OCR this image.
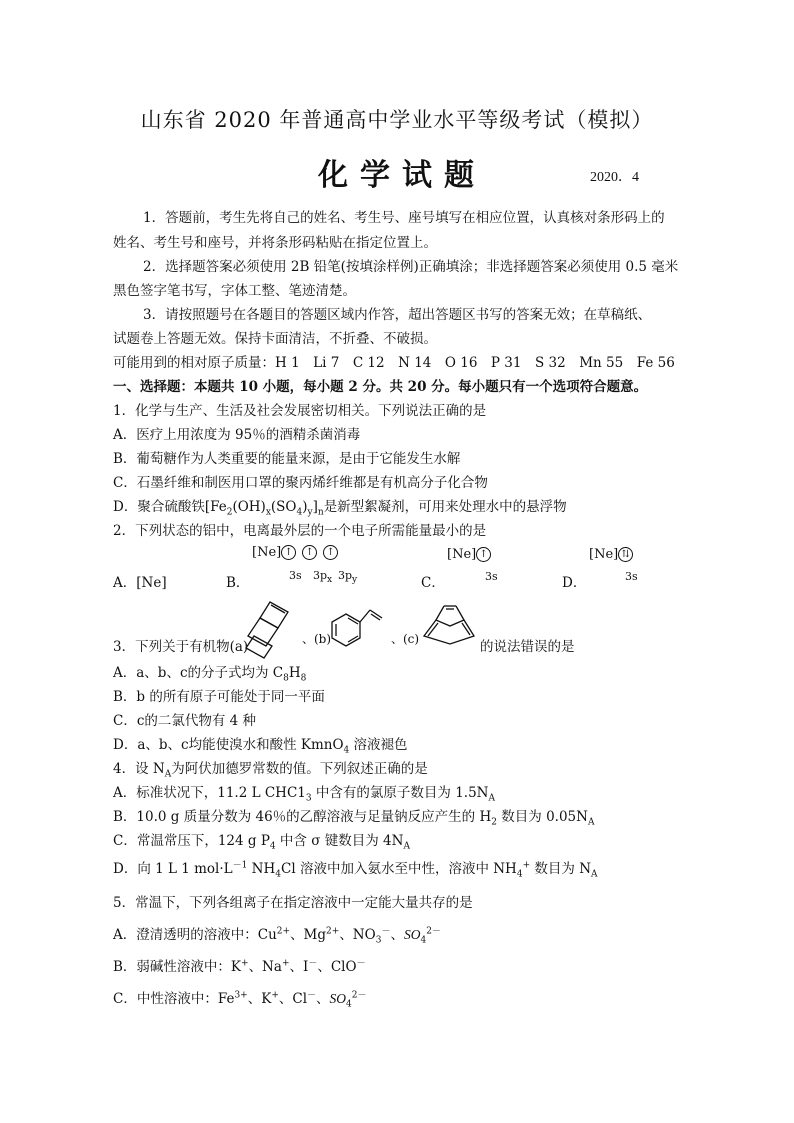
山东省 2020 年普通高中学业水平等级考试（模拟）
化学试题	2020．4
1．答题前，考生先将自己的姓名、考生号、座号填写在相应位置，认真核对条形码上的
姓名、考生号和座号，并将条形码粘贴在指定位置上。
2．选择题答案必须使用 2B 铅笔(按填涂样例)正确填涂；非选择题答案必须使用 0.5 毫米
黑色签字笔书写，字体工整、笔迹清楚。
3．请按照题号在各题目的答题区域内作答，超出答题区书写的答案无效；在草稿纸、
试题卷上答题无效。保持卡面清洁，不折叠、不破损。
可能用到的相对原子质量：H 1　Li 7　C 12　N 14　O 16　P 31　S 32　Mn 55　Fe 56
一、选择题：本题共 10 小题，每小题 2 分。共 20 分。每小题只有一个选项符合题意。
1．化学与生产、生活及社会发展密切相关。下列说法正确的是
A．医疗上用浓度为 95％的酒精杀菌消毒
B．葡萄糖作为人类重要的能量来源，是由于它能发生水解
C．石墨纤维和制医用口罩的聚丙烯纤维都是有机高分子化合物
D．聚合硫酸铁$[Fe_2(OH)_x(SO_4)_y]_n$是新型絮凝剂，可用来处理水中的悬浮物
2．下列状态的铝中，电离最外层的一个电子所需能量最小的是
A．[Ne]	B．
[Ne] ↑ ↑ ↑
3s $3p_x$ $3p_y$	C．
[Ne] ↑
3s	D．
[Ne] ⇅
3s
3．下列关于有机物(a)	、(b)	、(c)	的说法错误的是
A．a、b、c的分子式均为 $C_8H_8$
B．b 的所有原子可能处于同一平面
C．c的二氯代物有 4 种
D．a、b、c均能使溴水和酸性 KmnO$_4$ 溶液褪色
4．设 $N_A$为阿伏加德罗常数的值。下列叙述正确的是
A．标准状况下，11.2 L $CHC1_3$ 中含有的氯原子数目为 $1.5N_A$
B．10.0 g 质量分数为 46％的乙醇溶液与足量钠反应产生的 $H_2$ 数目为 $0.05N_A$
C．常温常压下，124 g $P_4$ 中含 σ 键数目为 $4N_A$
D．向 1 L 1 $mol\cdot L^{-1}$ $NH_4Cl$ 溶液中加入氨水至中性，溶液中 $NH_4^+$ 数目为 $N_A$
5．常温下，下列各组离子在指定溶液中一定能大量共存的是
A．澄清透明的溶液中：$Cu^{2+}$、$Mg^{2+}$、$NO_3^-$、$SO_4^{2-}$
B．弱碱性溶液中：K+、Na+、I－、ClO－
C．中性溶液中：$Fe^{3+}$、K+、Cl－、$SO_4^{2-}$
